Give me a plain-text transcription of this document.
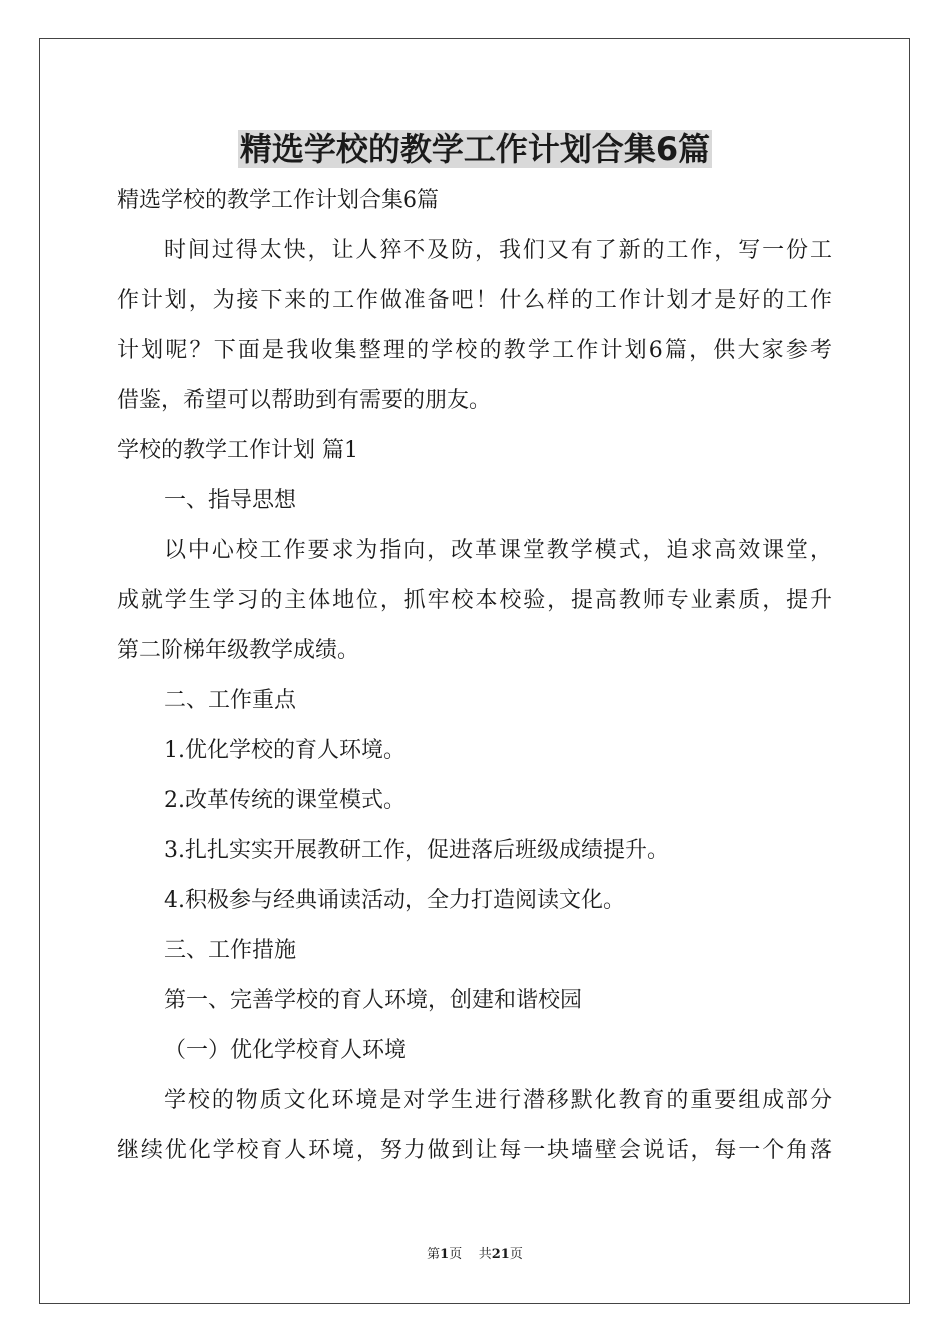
精选学校的教学工作计划合集6篇
精选学校的教学工作计划合集6篇
时间过得太快，让人猝不及防，我们又有了新的工作，写一份工
作计划，为接下来的工作做准备吧！什么样的工作计划才是好的工作
计划呢？下面是我收集整理的学校的教学工作计划6篇，供大家参考
借鉴，希望可以帮助到有需要的朋友。
学校的教学工作计划 篇1
一、指导思想
以中心校工作要求为指向，改革课堂教学模式，追求高效课堂，
成就学生学习的主体地位，抓牢校本校验，提高教师专业素质，提升
第二阶梯年级教学成绩。
二、工作重点
1.优化学校的育人环境。
2.改革传统的课堂模式。
3.扎扎实实开展教研工作，促进落后班级成绩提升。
4.积极参与经典诵读活动，全力打造阅读文化。
三、工作措施
第一、完善学校的育人环境，创建和谐校园
（一）优化学校育人环境
学校的物质文化环境是对学生进行潜移默化教育的重要组成部分
继续优化学校育人环境，努力做到让每一块墙壁会说话，每一个角落
第1页 共21页
